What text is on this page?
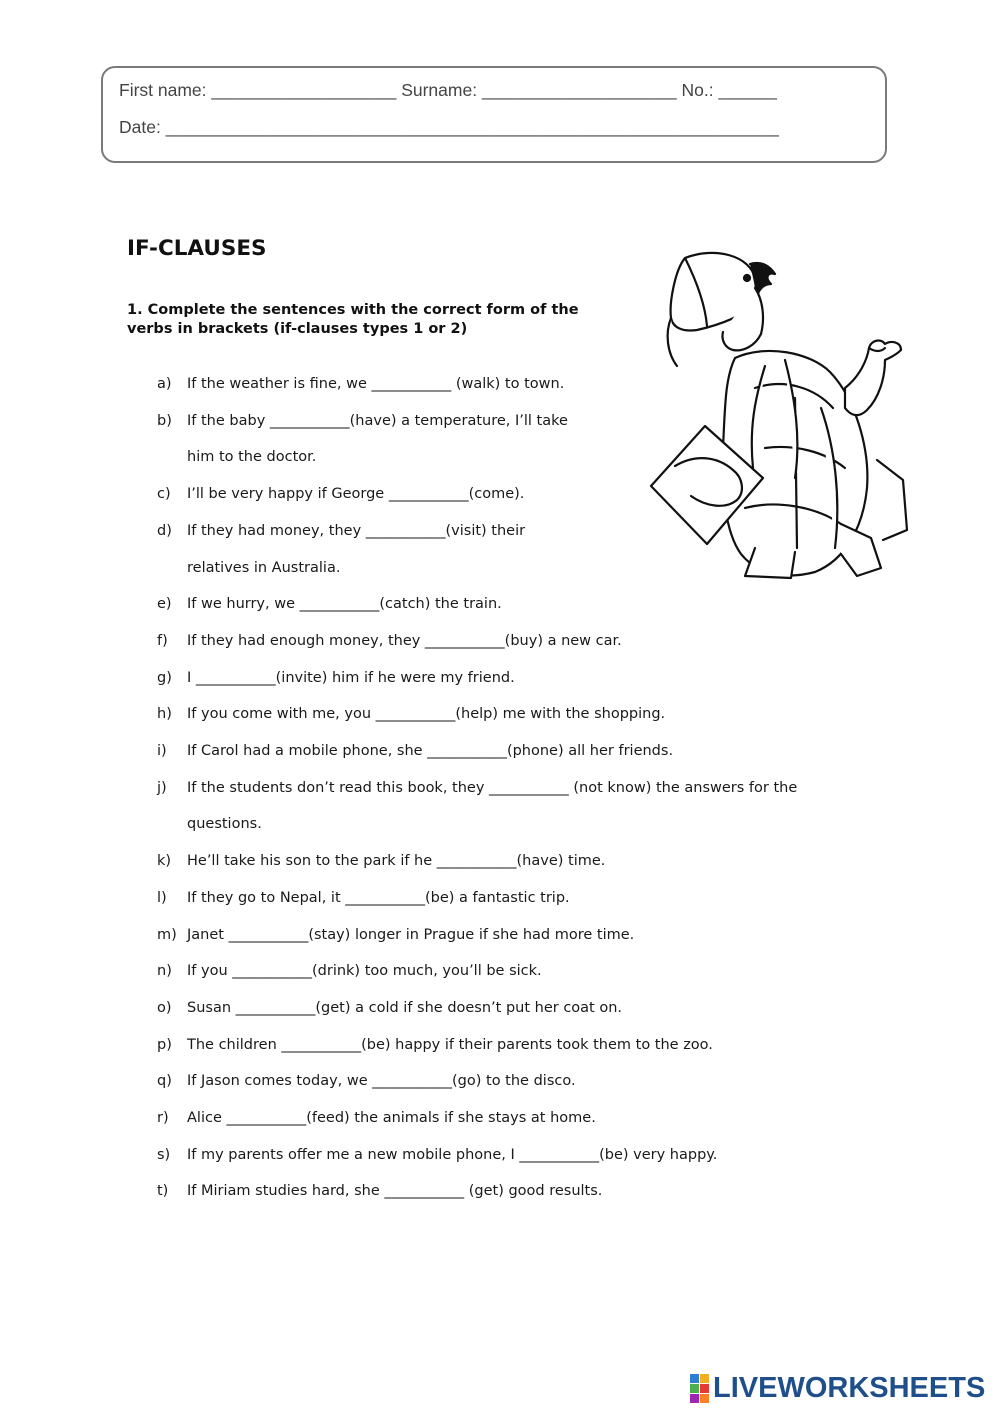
First name: ___________________ Surname: ____________________ No.: ______
Date: _______________________________________________________________
IF-CLAUSES

1. Complete the sentences with the correct form of the verbs in brackets (if-clauses types 1 or 2)

a) If the weather is fine, we ___________ (walk) to town.
b) If the baby ___________(have) a temperature, I’ll take
him to the doctor.
c) I’ll be very happy if George ___________(come).
d) If they had money, they ___________(visit) their
relatives in Australia.
e) If we hurry, we ___________(catch) the train.
f) If they had enough money, they ___________(buy) a new car.
g) I ___________(invite) him if he were my friend.
h) If you come with me, you ___________(help) me with the shopping.
i) If Carol had a mobile phone, she ___________(phone) all her friends.
j) If the students don’t read this book, they ___________ (not know) the answers for the
questions.
k) He’ll take his son to the park if he ___________(have) time.
l) If they go to Nepal, it ___________(be) a fantastic trip.
m) Janet ___________(stay) longer in Prague if she had more time.
n) If you ___________(drink) too much, you’ll be sick.
o) Susan ___________(get) a cold if she doesn’t put her coat on.
p) The children ___________(be) happy if their parents took them to the zoo.
q) If Jason comes today, we ___________(go) to the disco.
r) Alice ___________(feed) the animals if she stays at home.
s) If my parents offer me a new mobile phone, I ___________(be) very happy.
t) If Miriam studies hard, she ___________ (get) good results.
LIVEWORKSHEETS
